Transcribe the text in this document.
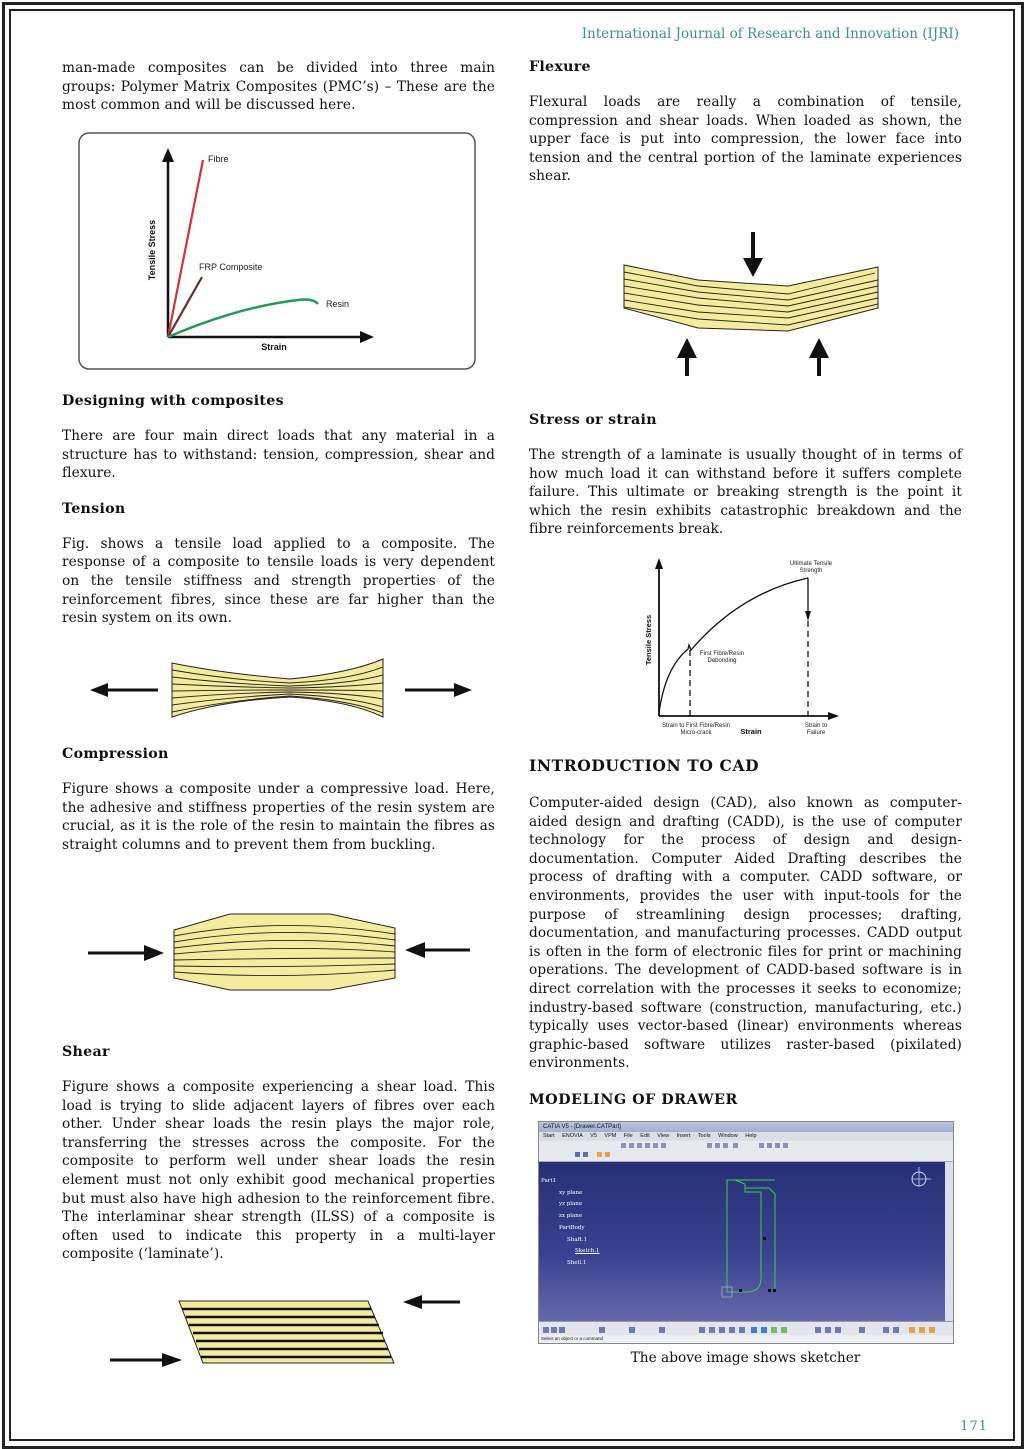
International Journal of Research and Innovation (IJRI)

man-made composites can be divided into three main groups: Polymer Matrix Composites (PMC’s) – These are the most common and will be discussed here.

Fibre
FRP Composite
Resin
Strain
Tensile Stress

Designing with composites

There are four main direct loads that any material in a structure has to withstand: tension, compression, shear and flexure.

Tension

Fig. shows a tensile load applied to a composite. The response of a composite to tensile loads is very dependent on the tensile stiffness and strength properties of the reinforcement fibres, since these are far higher than the resin system on its own.

Compression

Figure shows a composite under a compressive load. Here, the adhesive and stiffness properties of the resin system are crucial, as it is the role of the resin to maintain the fibres as straight columns and to prevent them from buckling.

Shear

Figure shows a composite experiencing a shear load. This load is trying to slide adjacent layers of fibres over each other. Under shear loads the resin plays the major role, transferring the stresses across the composite. For the composite to perform well under shear loads the resin element must not only exhibit good mechanical properties but must also have high adhesion to the reinforcement fibre. The interlaminar shear strength (ILSS) of a composite is often used to indicate this property in a multi-layer composite (‘laminate’).

Flexure

Flexural loads are really a combination of tensile, compression and shear loads. When loaded as shown, the upper face is put into compression, the lower face into tension and the central portion of the laminate experiences shear.

Stress or strain

The strength of a laminate is usually thought of in terms of how much load it can withstand before it suffers complete failure. This ultimate or breaking strength is the point it which the resin exhibits catastrophic breakdown and the fibre reinforcements break.

Ultimate Tensile
Strength
First Fibre/Resin
Debonding
Strain to First Fibre/Resin
Micro-crack	Strain
Strain to
Failure
Tensile Stress

INTRODUCTION TO CAD

Computer-aided design (CAD), also known as computer-aided design and drafting (CADD), is the use of computer technology for the process of design and design-documentation. Computer Aided Drafting describes the process of drafting with a computer. CADD software, or environments, provides the user with input-tools for the purpose of streamlining design processes; drafting, documentation, and manufacturing processes. CADD output is often in the form of electronic files for print or machining operations. The development of CADD-based software is in direct correlation with the processes it seeks to economize; industry-based software (construction, manufacturing, etc.) typically uses vector-based (linear) environments whereas graphic-based software utilizes raster-based (pixilated) environments.

MODELING OF DRAWER

CATIA V5 - [Drawer.CATPart]
Start ENOVIA V5 VPM File Edit View Insert Tools Window Help
Part1
xy plane
yz plane
zx plane
PartBody
Shaft.1
Sketch.1
Shell.1
Select an object or a command
The above image shows sketcher
171
